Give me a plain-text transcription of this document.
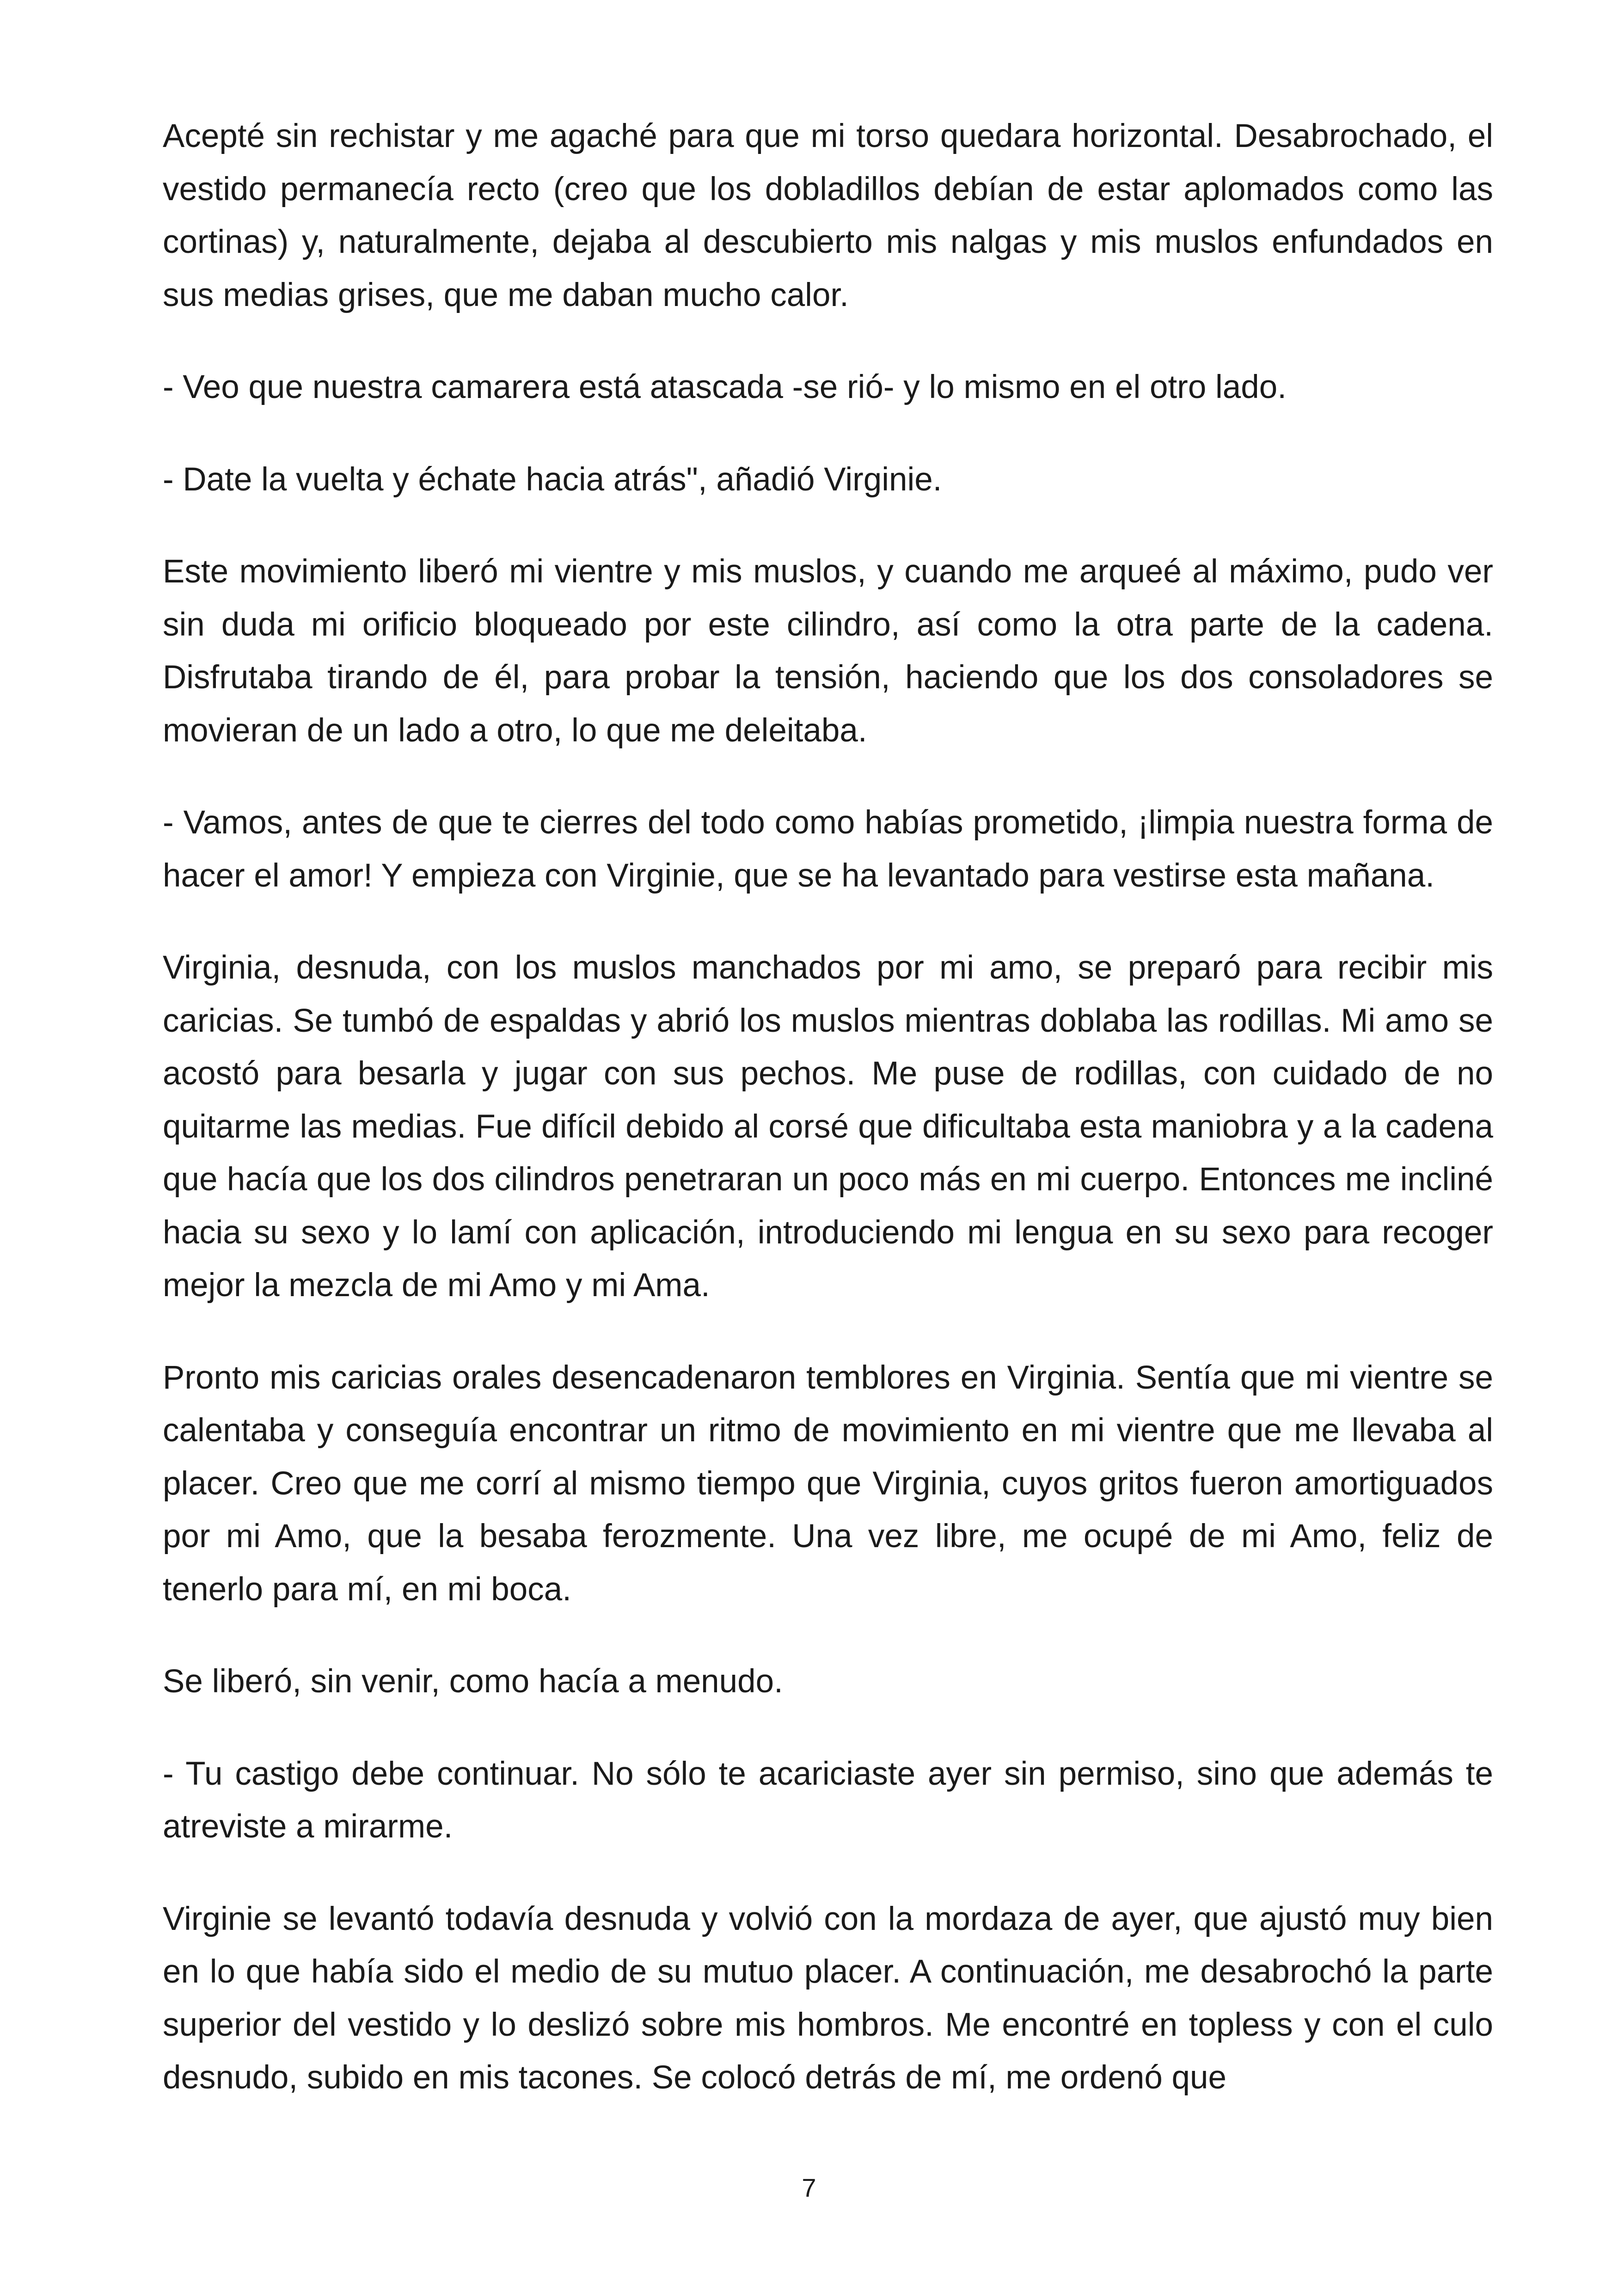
Acepté sin rechistar y me agaché para que mi torso quedara horizontal. Desabrochado, el vestido permanecía recto (creo que los dobladillos debían de estar aplomados como las cortinas) y, naturalmente, dejaba al descubierto mis nalgas y mis muslos enfundados en sus medias grises, que me daban mucho calor.

- Veo que nuestra camarera está atascada -se rió- y lo mismo en el otro lado.

- Date la vuelta y échate hacia atrás", añadió Virginie.

Este movimiento liberó mi vientre y mis muslos, y cuando me arqueé al máximo, pudo ver sin duda mi orificio bloqueado por este cilindro, así como la otra parte de la cadena. Disfrutaba tirando de él, para probar la tensión, haciendo que los dos consoladores se movieran de un lado a otro, lo que me deleitaba.

- Vamos, antes de que te cierres del todo como habías prometido, ¡limpia nuestra forma de hacer el amor! Y empieza con Virginie, que se ha levantado para vestirse esta mañana.

Virginia, desnuda, con los muslos manchados por mi amo, se preparó para recibir mis caricias. Se tumbó de espaldas y abrió los muslos mientras doblaba las rodillas. Mi amo se acostó para besarla y jugar con sus pechos. Me puse de rodillas, con cuidado de no quitarme las medias. Fue difícil debido al corsé que dificultaba esta maniobra y a la cadena que hacía que los dos cilindros penetraran un poco más en mi cuerpo. Entonces me incliné hacia su sexo y lo lamí con aplicación, introduciendo mi lengua en su sexo para recoger mejor la mezcla de mi Amo y mi Ama.

Pronto mis caricias orales desencadenaron temblores en Virginia. Sentía que mi vientre se calentaba y conseguía encontrar un ritmo de movimiento en mi vientre que me llevaba al placer. Creo que me corrí al mismo tiempo que Virginia, cuyos gritos fueron amortiguados por mi Amo, que la besaba ferozmente. Una vez libre, me ocupé de mi Amo, feliz de tenerlo para mí, en mi boca.

Se liberó, sin venir, como hacía a menudo.

- Tu castigo debe continuar. No sólo te acariciaste ayer sin permiso, sino que además te atreviste a mirarme.

Virginie se levantó todavía desnuda y volvió con la mordaza de ayer, que ajustó muy bien en lo que había sido el medio de su mutuo placer. A continuación, me desabrochó la parte superior del vestido y lo deslizó sobre mis hombros. Me encontré en topless y con el culo desnudo, subido en mis tacones. Se colocó detrás de mí, me ordenó que

7
